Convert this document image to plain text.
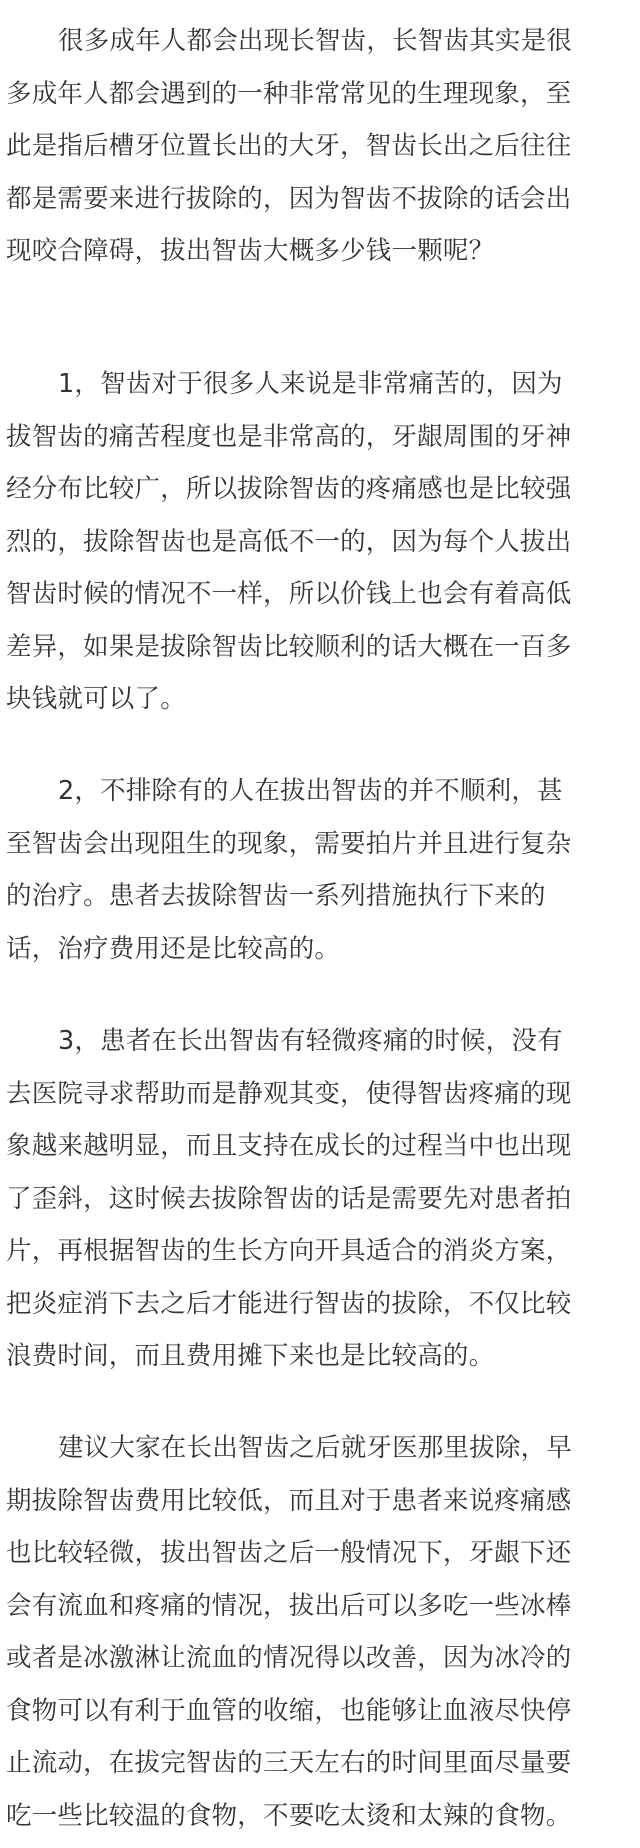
很多成年人都会出现长智齿，长智齿其实是很
多成年人都会遇到的一种非常常见的生理现象，至
此是指后槽牙位置长出的大牙，智齿长出之后往往
都是需要来进行拔除的，因为智齿不拔除的话会出
现咬合障碍，拔出智齿大概多少钱一颗呢？
1，智齿对于很多人来说是非常痛苦的，因为
拔智齿的痛苦程度也是非常高的，牙龈周围的牙神
经分布比较广，所以拔除智齿的疼痛感也是比较强
烈的，拔除智齿也是高低不一的，因为每个人拔出
智齿时候的情况不一样，所以价钱上也会有着高低
差异，如果是拔除智齿比较顺利的话大概在一百多
块钱就可以了。
2，不排除有的人在拔出智齿的并不顺利，甚
至智齿会出现阻生的现象，需要拍片并且进行复杂
的治疗。患者去拔除智齿一系列措施执行下来的
话，治疗费用还是比较高的。
3，患者在长出智齿有轻微疼痛的时候，没有
去医院寻求帮助而是静观其变，使得智齿疼痛的现
象越来越明显，而且支持在成长的过程当中也出现
了歪斜，这时候去拔除智齿的话是需要先对患者拍
片，再根据智齿的生长方向开具适合的消炎方案，
把炎症消下去之后才能进行智齿的拔除，不仅比较
浪费时间，而且费用摊下来也是比较高的。
建议大家在长出智齿之后就牙医那里拔除，早
期拔除智齿费用比较低，而且对于患者来说疼痛感
也比较轻微，拔出智齿之后一般情况下，牙龈下还
会有流血和疼痛的情况，拔出后可以多吃一些冰棒
或者是冰激淋让流血的情况得以改善，因为冰冷的
食物可以有利于血管的收缩，也能够让血液尽快停
止流动，在拔完智齿的三天左右的时间里面尽量要
吃一些比较温的食物，不要吃太烫和太辣的食物。
